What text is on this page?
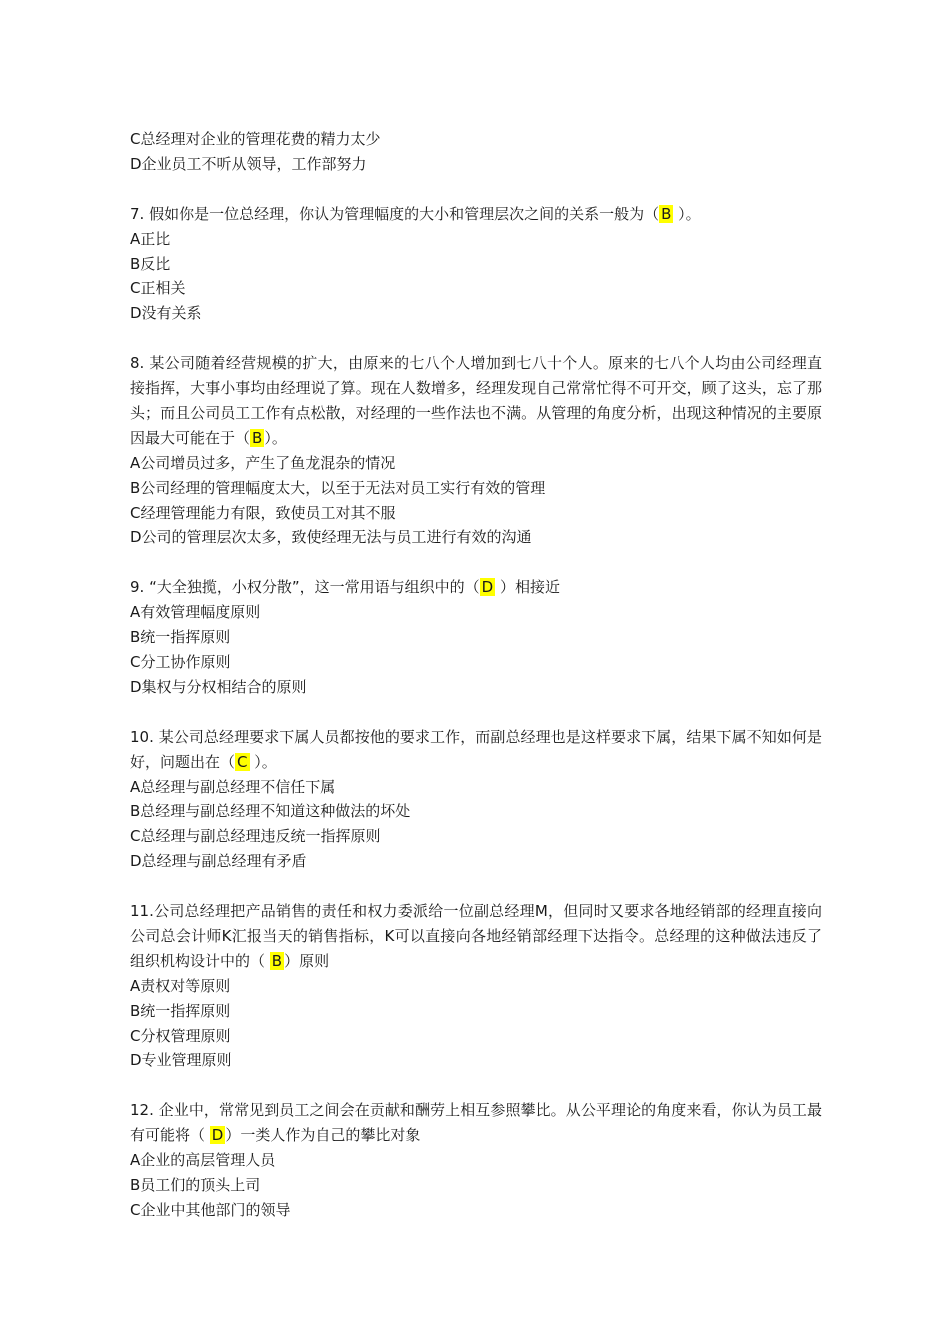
C总经理对企业的管理花费的精力太少
D企业员工不听从领导，工作部努力
7. 假如你是一位总经理，你认为管理幅度的大小和管理层次之间的关系一般为（ B ）。
A正比
B反比
C正相关
D没有关系
8. 某公司随着经营规模的扩大，由原来的七八个人增加到七八十个人。原来的七八个人均由公司经理直接指挥，大事小事均由经理说了算。现在人数增多，经理发现自己常常忙得不可开交，顾了这头，忘了那头；而且公司员工工作有点松散，对经理的一些作法也不满。从管理的角度分析，出现这种情况的主要原因最大可能在于（ B ）。
A公司增员过多，产生了鱼龙混杂的情况
B公司经理的管理幅度太大，以至于无法对员工实行有效的管理
C经理管理能力有限，致使员工对其不服
D公司的管理层次太多，致使经理无法与员工进行有效的沟通
9. “大全独揽，小权分散”，这一常用语与组织中的（ D ）相接近
A有效管理幅度原则
B统一指挥原则
C分工协作原则
D集权与分权相结合的原则
10. 某公司总经理要求下属人员都按他的要求工作，而副总经理也是这样要求下属，结果下属不知如何是好，问题出在（ C ）。
A总经理与副总经理不信任下属
B总经理与副总经理不知道这种做法的坏处
C总经理与副总经理违反统一指挥原则
D总经理与副总经理有矛盾
11.公司总经理把产品销售的责任和权力委派给一位副总经理M，但同时又要求各地经销部的经理直接向公司总会计师K汇报当天的销售指标，K可以直接向各地经销部经理下达指令。总经理的这种做法违反了组织机构设计中的（ B ）原则
A责权对等原则
B统一指挥原则
C分权管理原则
D专业管理原则
12. 企业中，常常见到员工之间会在贡献和酬劳上相互参照攀比。从公平理论的角度来看，你认为员工最有可能将（ D ）一类人作为自己的攀比对象
A企业的高层管理人员
B员工们的顶头上司
C企业中其他部门的领导
